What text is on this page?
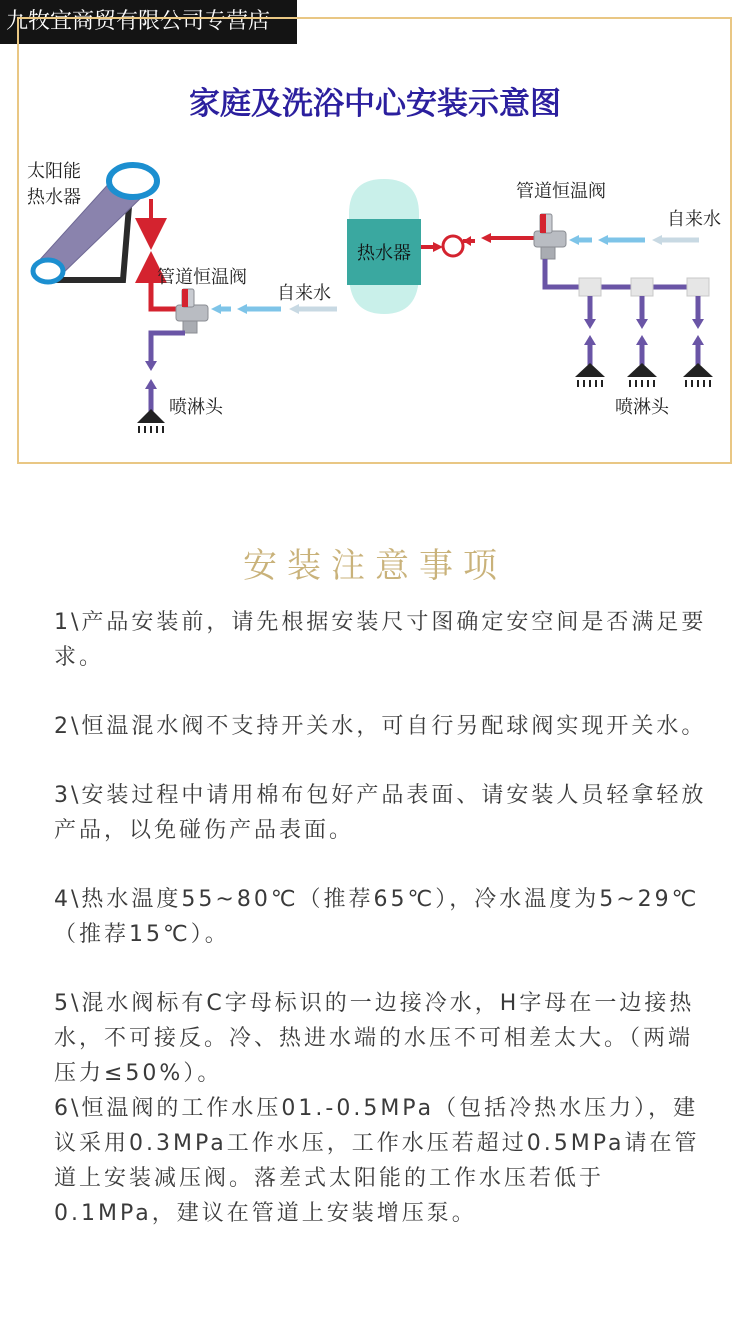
九牧宜商贸有限公司专营店
家庭及洗浴中心安装示意图
太阳能
热水器
管道恒温阀
自来水
喷淋头
热水器
管道恒温阀
自来水
喷淋头
安装注意事项
1\产品安装前，请先根据安装尺寸图确定安空间是否满足要求。
2\恒温混水阀不支持开关水，可自行另配球阀实现开关水。
3\安装过程中请用棉布包好产品表面、请安装人员轻拿轻放产品，以免碰伤产品表面。
4\热水温度55~80℃（推荐65℃），冷水温度为5~29℃（推荐15℃）。
5\混水阀标有C字母标识的一边接冷水，H字母在一边接热水，不可接反。冷、热进水端的水压不可相差太大。（两端压力≤50%）。
6\恒温阀的工作水压01.-0.5MPa（包括冷热水压力），建议采用0.3MPa工作水压，工作水压若超过0.5MPa请在管道上安装减压阀。落差式太阳能的工作水压若低于0.1MPa，建议在管道上安装增压泵。
